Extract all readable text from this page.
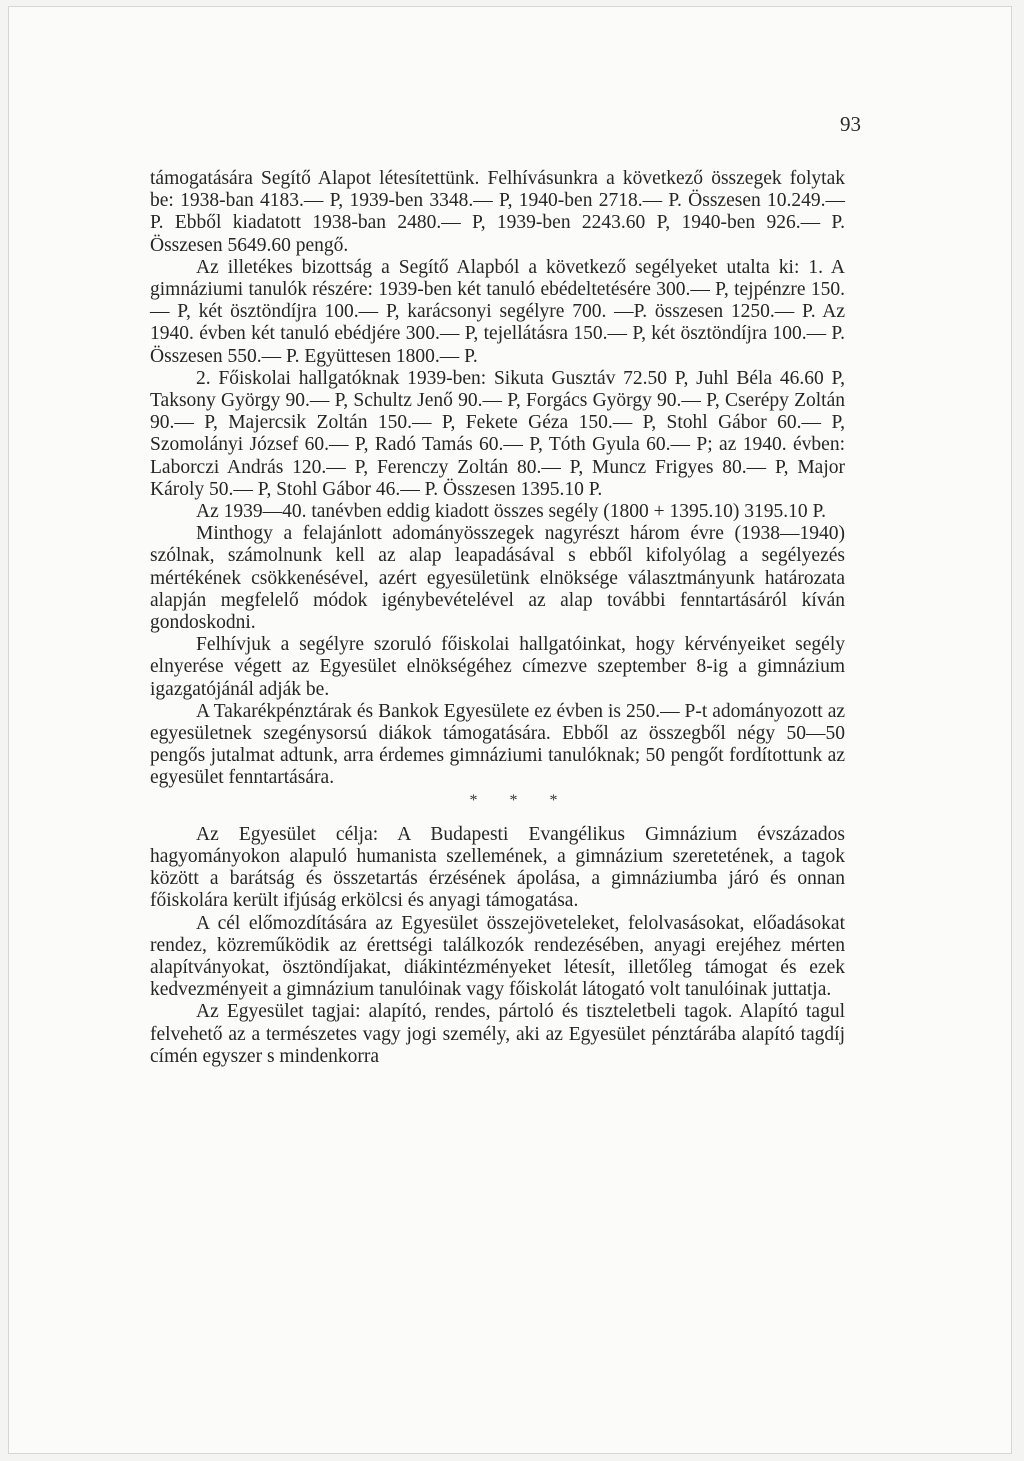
93

támogatására Segítő Alapot létesítettünk. Felhívásunkra a következő összegek folytak be: 1938-ban 4183.— P, 1939-ben 3348.— P, 1940-ben 2718.— P. Összesen 10.249.— P. Ebből kiadatott 1938-ban 2480.— P, 1939-ben 2243.60 P, 1940-ben 926.— P. Összesen 5649.60 pengő.

Az illetékes bizottság a Segítő Alapból a következő segélyeket utalta ki: 1. A gimnáziumi tanulók részére: 1939-ben két tanuló ebédeltetésére 300.— P, tejpénzre 150.— P, két ösztöndíjra 100.— P, karácsonyi segélyre 700. —P. összesen 1250.— P. Az 1940. évben két tanuló ebédjére 300.— P, tejellátásra 150.— P, két ösztöndíjra 100.— P. Összesen 550.— P. Együttesen 1800.— P.

2. Főiskolai hallgatóknak 1939-ben: Sikuta Gusztáv 72.50 P, Juhl Béla 46.60 P, Taksony György 90.— P, Schultz Jenő 90.— P, Forgács György 90.— P, Cserépy Zoltán 90.— P, Majercsik Zoltán 150.— P, Fekete Géza 150.— P, Stohl Gábor 60.— P, Szomolányi József 60.— P, Radó Tamás 60.— P, Tóth Gyula 60.— P; az 1940. évben: Laborczi András 120.— P, Ferenczy Zoltán 80.— P, Muncz Frigyes 80.— P, Major Károly 50.— P, Stohl Gábor 46.— P. Összesen 1395.10 P.

Az 1939—40. tanévben eddig kiadott összes segély (1800 + 1395.10) 3195.10 P.

Minthogy a felajánlott adományösszegek nagyrészt három évre (1938—1940) szólnak, számolnunk kell az alap leapadásával s ebből kifolyólag a segélyezés mértékének csökkenésével, azért egyesületünk elnöksége választmányunk határozata alapján megfelelő módok igénybevételével az alap további fenntartásáról kíván gondoskodni.

Felhívjuk a segélyre szoruló főiskolai hallgatóinkat, hogy kérvényeiket segély elnyerése végett az Egyesület elnökségéhez címezve szeptember 8-ig a gimnázium igazgatójánál adják be.

A Takarékpénztárak és Bankok Egyesülete ez évben is 250.— P-t adományozott az egyesületnek szegénysorsú diákok támogatására. Ebből az összegből négy 50—50 pengős jutalmat adtunk, arra érdemes gimnáziumi tanulóknak; 50 pengőt fordítottunk az egyesület fenntartására.

* * *

Az Egyesület célja: A Budapesti Evangélikus Gimnázium évszázados hagyományokon alapuló humanista szellemének, a gimnázium szeretetének, a tagok között a barátság és összetartás érzésének ápolása, a gimnáziumba járó és onnan főiskolára került ifjúság erkölcsi és anyagi támogatása.

A cél előmozdítására az Egyesület összejöveteleket, felolvasásokat, előadásokat rendez, közreműködik az érettségi találkozók rendezésében, anyagi erejéhez mérten alapítványokat, ösztöndíjakat, diákintézményeket létesít, illetőleg támogat és ezek kedvezményeit a gimnázium tanulóinak vagy főiskolát látogató volt tanulóinak juttatja.

Az Egyesület tagjai: alapító, rendes, pártoló és tiszteletbeli tagok. Alapító tagul felvehető az a természetes vagy jogi személy, aki az Egyesület pénztárába alapító tagdíj címén egyszer s mindenkorra
